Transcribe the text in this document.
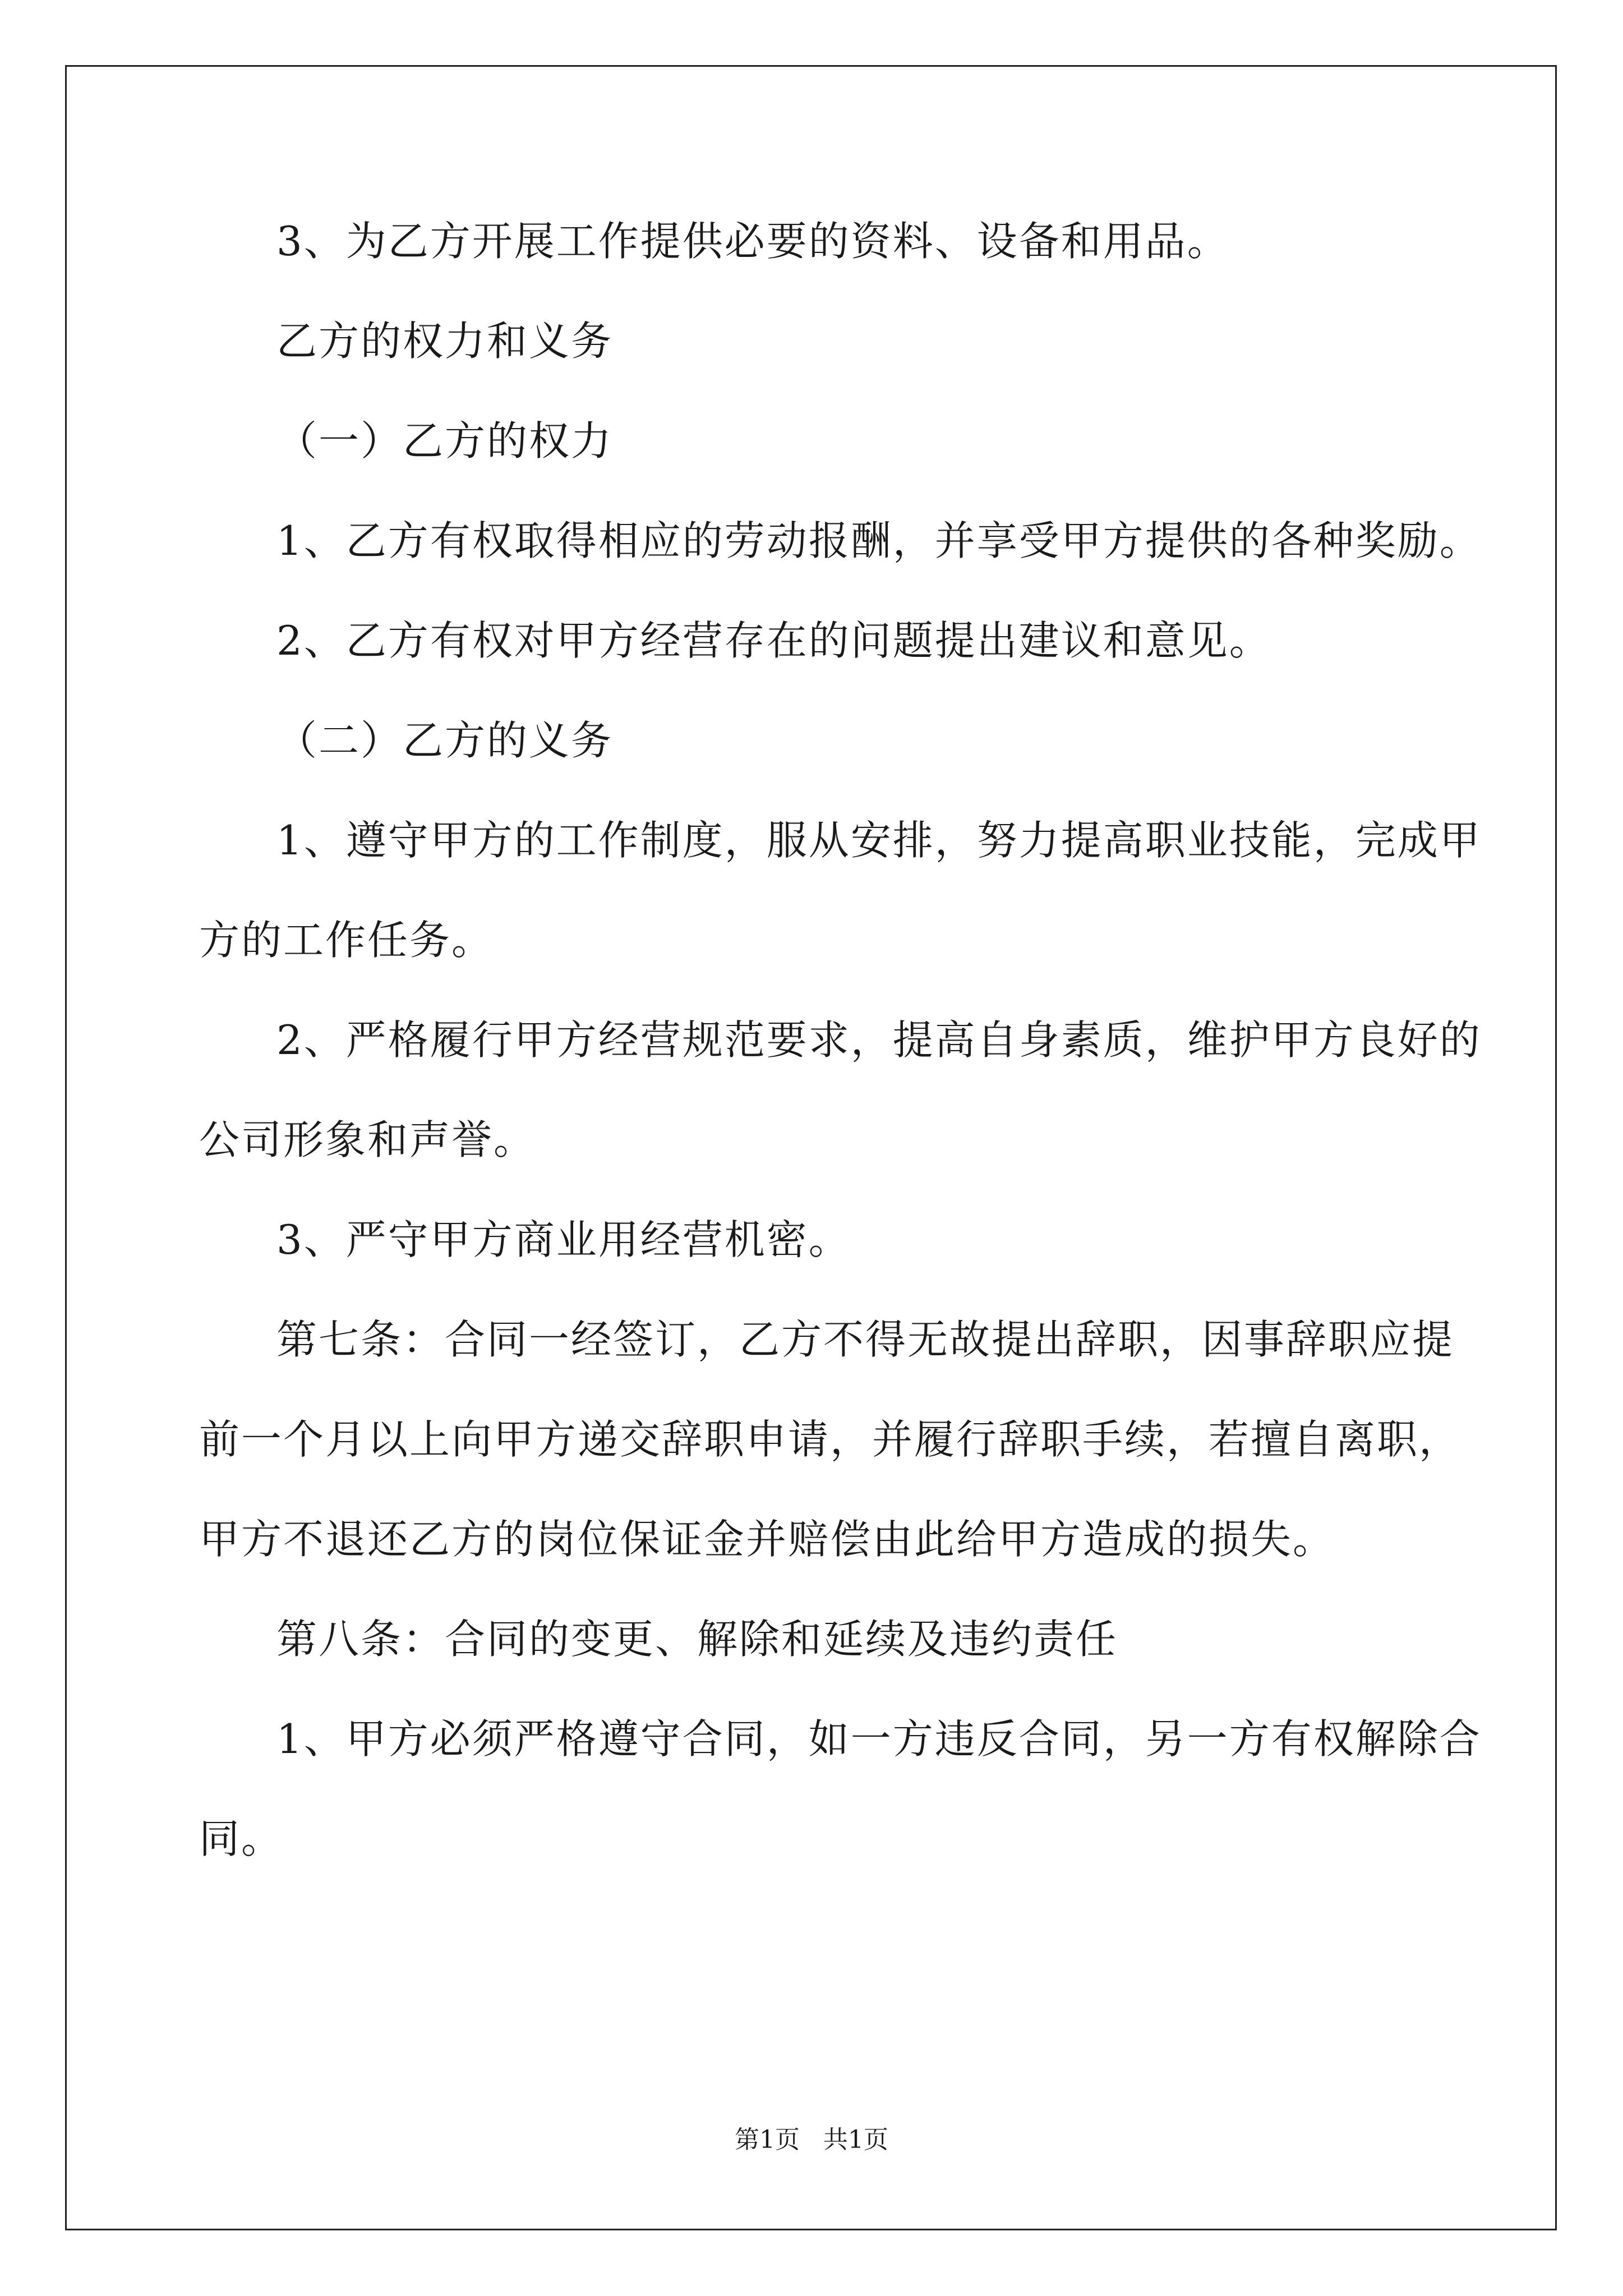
3、为乙方开展工作提供必要的资料、设备和用品。
乙方的权力和义务
（一）乙方的权力
1、乙方有权取得相应的劳动报酬，并享受甲方提供的各种奖励。
2、乙方有权对甲方经营存在的问题提出建议和意见。
（二）乙方的义务
1、遵守甲方的工作制度，服从安排，努力提高职业技能，完成甲
方的工作任务。
2、严格履行甲方经营规范要求，提高自身素质，维护甲方良好的
公司形象和声誉。
3、严守甲方商业用经营机密。
第七条：合同一经签订，乙方不得无故提出辞职，因事辞职应提
前一个月以上向甲方递交辞职申请，并履行辞职手续，若擅自离职，
甲方不退还乙方的岗位保证金并赔偿由此给甲方造成的损失。
第八条：合同的变更、解除和延续及违约责任
1、甲方必须严格遵守合同，如一方违反合同，另一方有权解除合
同。
第1页 共1页
